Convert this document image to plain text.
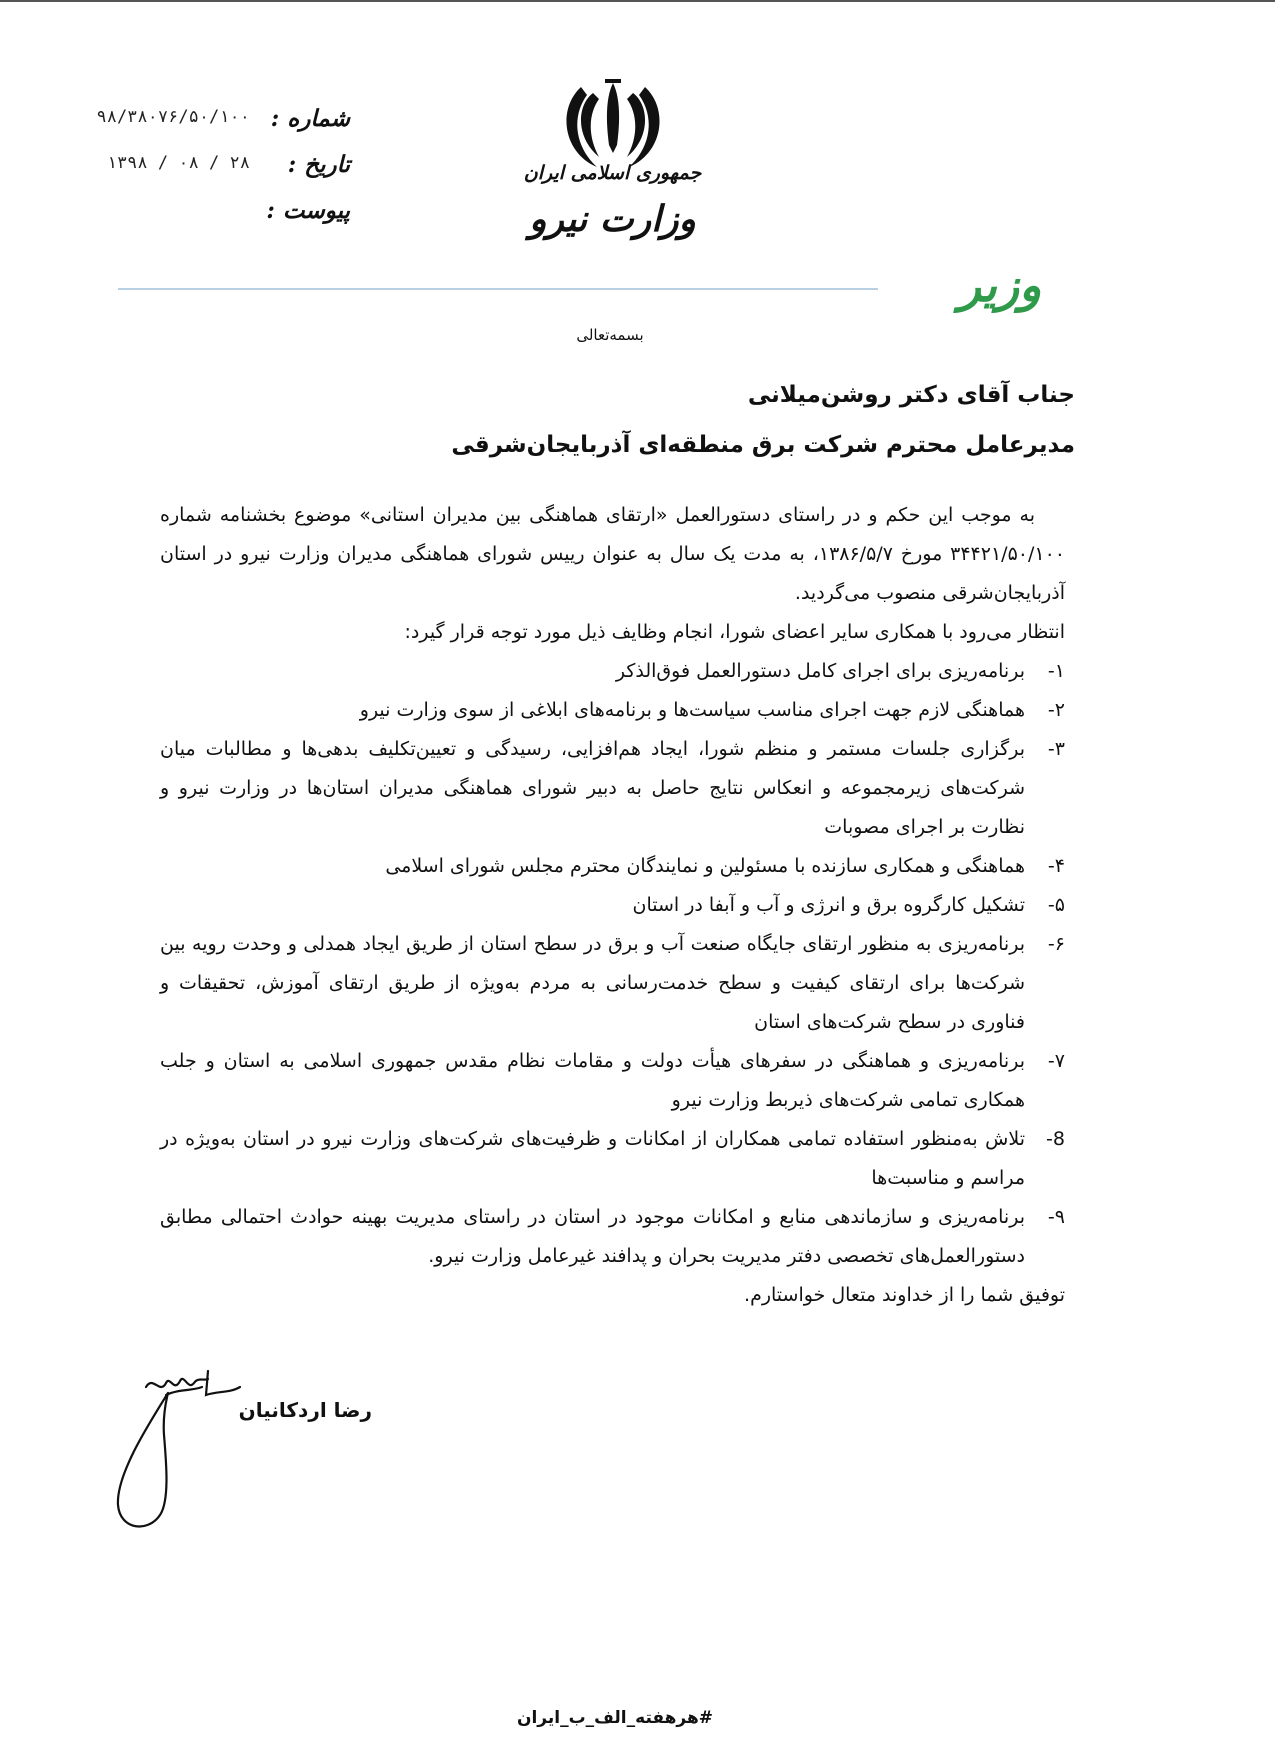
شماره :
۹۸/۳۸۰۷۶/۵۰/۱۰۰
تاریخ :
۱۳۹۸ / ۰۸ / ۲۸
پیوست :
جمهوری اسلامی ایران
وزارت نیرو
وزیر
بسمه‌تعالی
جناب آقای دکتر روشن‌میلانی
مدیرعامل محترم شرکت برق منطقه‌ای آذربایجان‌شرقی

به موجب این حکم و در راستای دستورالعمل «ارتقای هماهنگی بین مدیران استانی» موضوع بخشنامه شماره ۳۴۴۲۱/۵۰/۱۰۰ مورخ ۱۳۸۶/۵/۷، به مدت یک سال به عنوان رییس شورای هماهنگی مدیران وزارت نیرو در استان آذربایجان‌شرقی منصوب می‌گردید.

انتظار می‌رود با همکاری سایر اعضای شورا، انجام وظایف ذیل مورد توجه قرار گیرد:

۱-
برنامه‌ریزی برای اجرای کامل دستورالعمل فوق‌الذکر
۲-
هماهنگی لازم جهت اجرای مناسب سیاست‌ها و برنامه‌های ابلاغی از سوی وزارت نیرو
۳-
برگزاری جلسات مستمر و منظم شورا، ایجاد هم‌افزایی، رسیدگی و تعیین‌تکلیف بدهی‌ها و مطالبات میان شرکت‌های زیرمجموعه و انعکاس نتایج حاصل به دبیر شورای هماهنگی مدیران استان‌ها در وزارت نیرو و نظارت بر اجرای مصوبات
۴-
هماهنگی و همکاری سازنده با مسئولین و نمایندگان محترم مجلس شورای اسلامی
۵-
تشکیل کارگروه برق و انرژی و آب و آبفا در استان
۶-
برنامه‌ریزی به منظور ارتقای جایگاه صنعت آب و برق در سطح استان از طریق ایجاد همدلی و وحدت رویه بین شرکت‌ها برای ارتقای کیفیت و سطح خدمت‌رسانی به مردم به‌ویژه از طریق ارتقای آموزش، تحقیقات و فناوری در سطح شرکت‌های استان
۷-
برنامه‌ریزی و هماهنگی در سفرهای هیأت دولت و مقامات نظام مقدس جمهوری اسلامی به استان و جلب همکاری تمامی شرکت‌های ذیربط وزارت نیرو
8-
تلاش به‌منظور استفاده تمامی همکاران از امکانات و ظرفیت‌های شرکت‌های وزارت نیرو در استان به‌ویژه در مراسم و مناسبت‌ها
۹-
برنامه‌ریزی و سازماندهی منابع و امکانات موجود در استان در راستای مدیریت بهینه حوادث احتمالی مطابق دستورالعمل‌های تخصصی دفتر مدیریت بحران و پدافند غیرعامل وزارت نیرو.

توفیق شما را از خداوند متعال خواستارم.

رضا اردکانیان
#هرهفته_الف_ب_ایران
